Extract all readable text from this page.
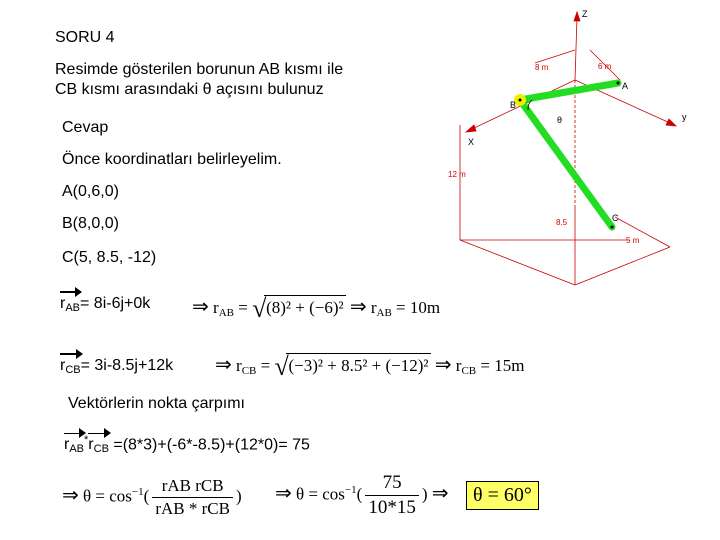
SORU 4
Resimde gösterilen borunun AB kısmı ile
CB kısmı arasındaki θ açısını bulunuz
Cevap
Önce koordinatları belirleyelim.
A(0,6,0)
B(8,0,0)
C(5, 8.5, -12)
$r_{AB}= 8i-6j+0k$ ⇒ $r_{AB}$ = √ (8)² + (−6)² ⇒ $r_{AB} = 10m$
$r_{CB}= 3i-8.5j+12k$ ⇒ $r_{CB}$ = √ (−3)² + 8.5² + (−12)² ⇒ $r_{CB} = 15m$
Vektörlerin nokta çarpımı
$r_{AB}^*r_{CB} =(8*3)+(-6*-8.5)+(12*0)= 75$
⇒ $\theta = \cos^{-1}( \frac{\text{rAB rCB}}{\text{rAB * rCB}}$ ) ⇒ $\theta = \cos^{-1}( \frac{75}{10*15}$ ) ⇒	θ = 60°
Z
X
y
A
B
C
θ
8 m	6 m
12 m
8.5
5 m
